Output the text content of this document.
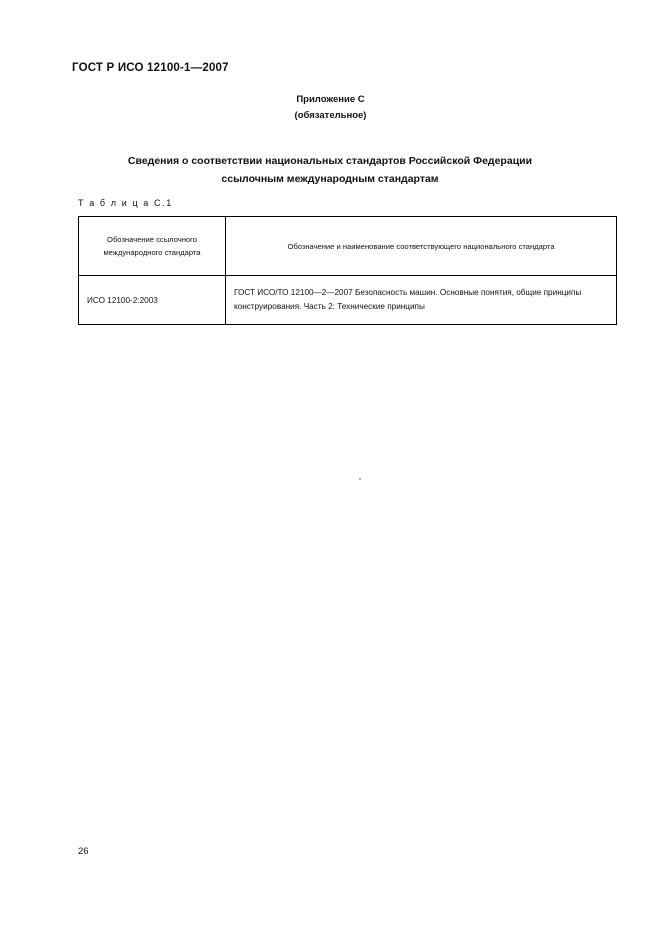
ГОСТ Р ИСО 12100-1—2007
Приложение С
(обязательное)
Сведения о соответствии национальных стандартов Российской Федерации
ссылочным международным стандартам
Т а б л и ц а С.1
Обозначение ссылочного
международного стандарта	Обозначение и наименование соответствующего национального стандарта
ИСО 12100-2:2003	ГОСТ ИСО/ТО 12100—2—2007 Безопасность машин. Основные понятия, общие принципы конструирования. Часть 2: Технические принципы
26
